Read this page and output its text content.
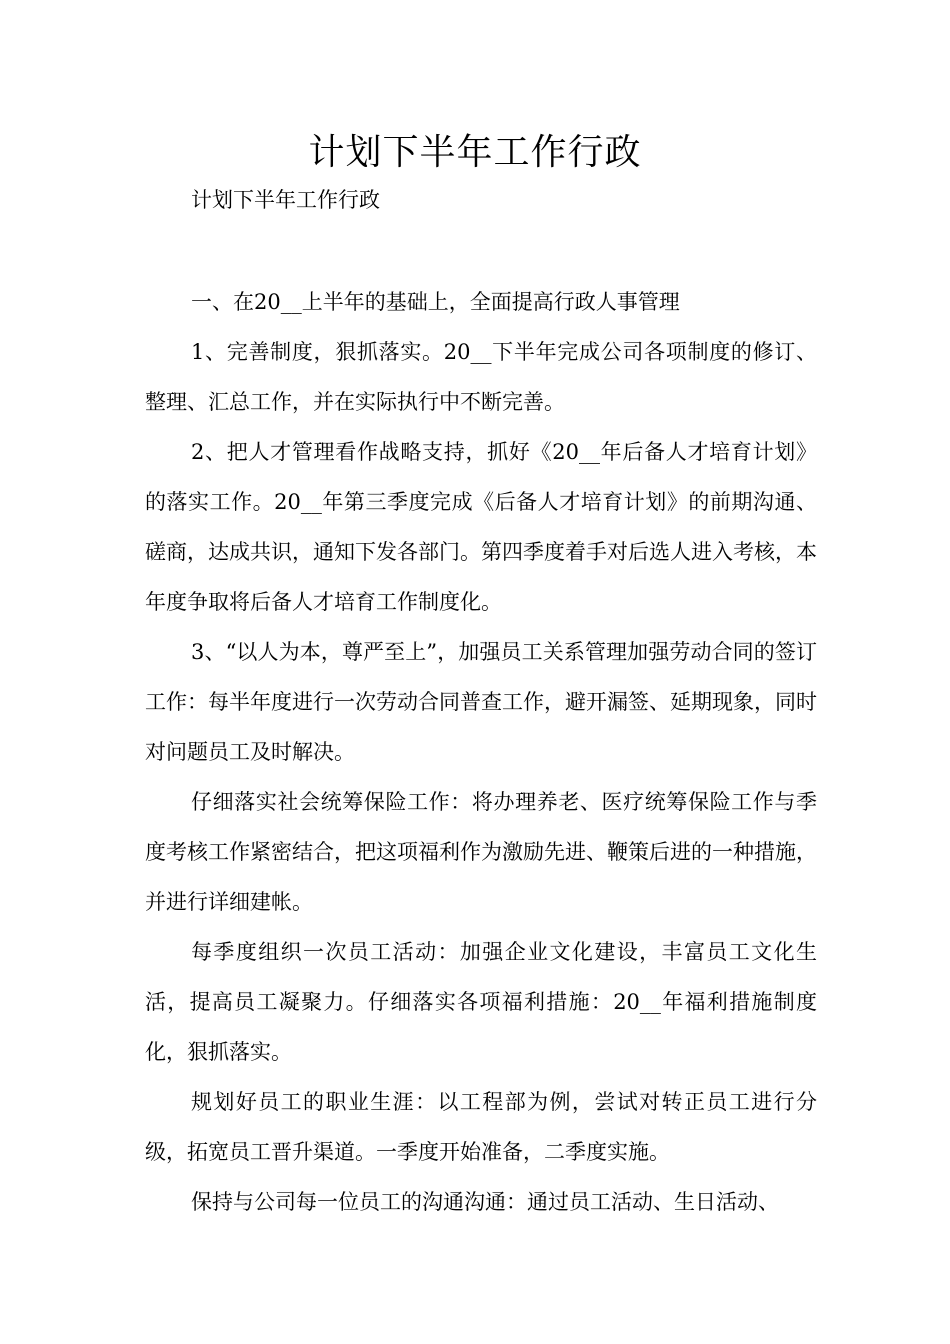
计划下半年工作行政

计划下半年工作行政

一、在20__上半年的基础上，全面提高行政人事管理

1、完善制度，狠抓落实。20__下半年完成公司各项制度的修订、整理、汇总工作，并在实际执行中不断完善。

2、把人才管理看作战略支持，抓好《20__年后备人才培育计划》的落实工作。20__年第三季度完成《后备人才培育计划》的前期沟通、磋商，达成共识，通知下发各部门。第四季度着手对后选人进入考核，本年度争取将后备人才培育工作制度化。

3、“以人为本，尊严至上”，加强员工关系管理加强劳动合同的签订工作：每半年度进行一次劳动合同普查工作，避开漏签、延期现象，同时对问题员工及时解决。

仔细落实社会统筹保险工作：将办理养老、医疗统筹保险工作与季度考核工作紧密结合，把这项福利作为激励先进、鞭策后进的一种措施，并进行详细建帐。

每季度组织一次员工活动：加强企业文化建设，丰富员工文化生活，提高员工凝聚力。仔细落实各项福利措施：20__年福利措施制度化，狠抓落实。

规划好员工的职业生涯：以工程部为例，尝试对转正员工进行分级，拓宽员工晋升渠道。一季度开始准备，二季度实施。

保持与公司每一位员工的沟通沟通：通过员工活动、生日活动、
